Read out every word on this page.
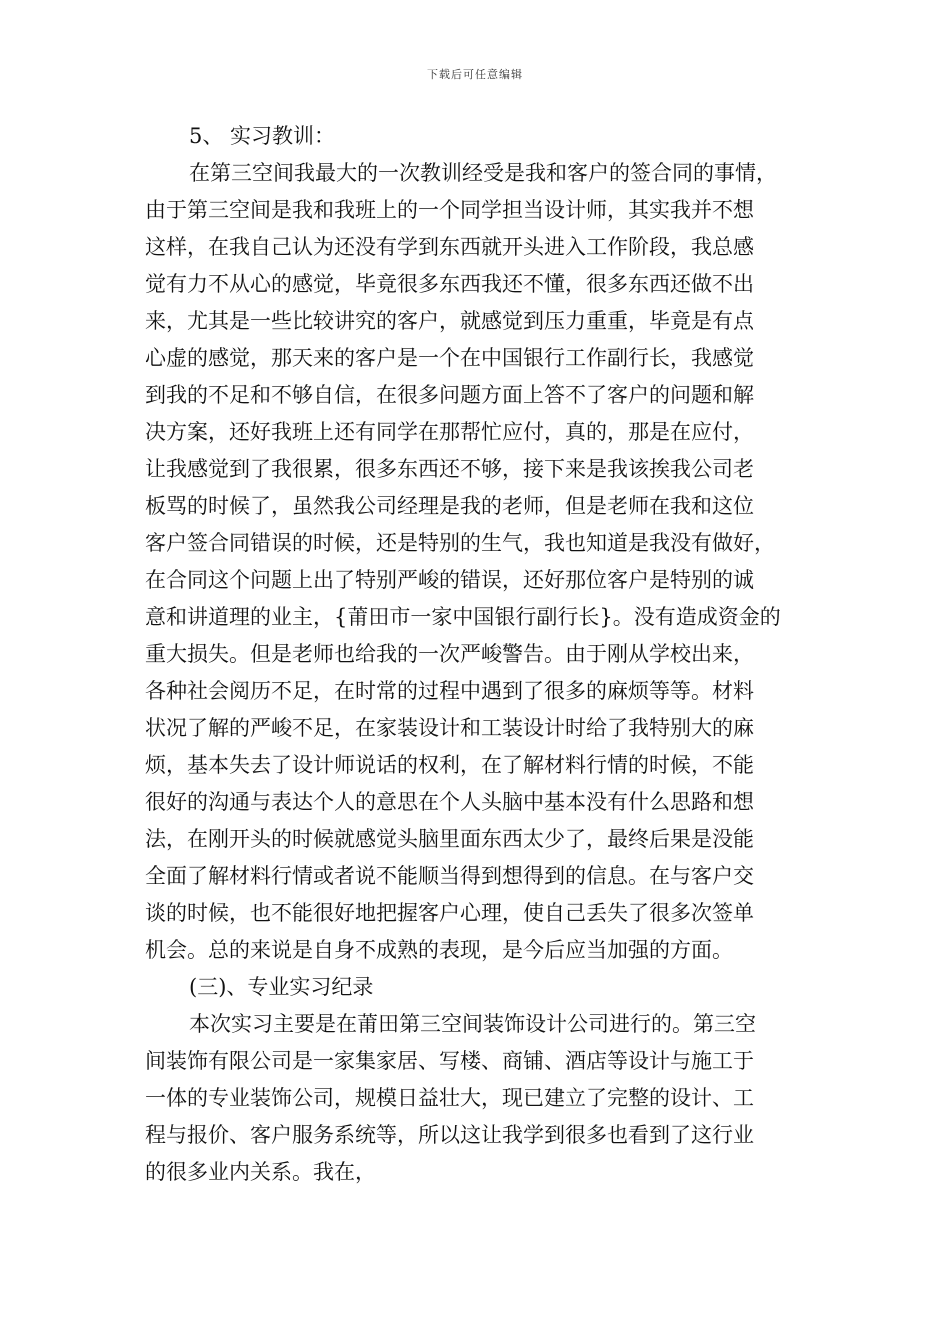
下载后可任意编辑
5、 实习教训：
在第三空间我最大的一次教训经受是我和客户的签合同的事情，
由于第三空间是我和我班上的一个同学担当设计师，其实我并不想
这样，在我自己认为还没有学到东西就开头进入工作阶段，我总感
觉有力不从心的感觉，毕竟很多东西我还不懂，很多东西还做不出
来，尤其是一些比较讲究的客户，就感觉到压力重重，毕竟是有点
心虚的感觉，那天来的客户是一个在中国银行工作副行长，我感觉
到我的不足和不够自信，在很多问题方面上答不了客户的问题和解
决方案，还好我班上还有同学在那帮忙应付，真的，那是在应付，
让我感觉到了我很累，很多东西还不够，接下来是我该挨我公司老
板骂的时候了，虽然我公司经理是我的老师，但是老师在我和这位
客户签合同错误的时候，还是特别的生气，我也知道是我没有做好，
在合同这个问题上出了特别严峻的错误，还好那位客户是特别的诚
意和讲道理的业主，{莆田市一家中国银行副行长}。没有造成资金的
重大损失。但是老师也给我的一次严峻警告。由于刚从学校出来，
各种社会阅历不足，在时常的过程中遇到了很多的麻烦等等。材料
状况了解的严峻不足，在家装设计和工装设计时给了我特别大的麻
烦，基本失去了设计师说话的权利，在了解材料行情的时候，不能
很好的沟通与表达个人的意思在个人头脑中基本没有什么思路和想
法，在刚开头的时候就感觉头脑里面东西太少了，最终后果是没能
全面了解材料行情或者说不能顺当得到想得到的信息。在与客户交
谈的时候，也不能很好地把握客户心理，使自己丢失了很多次签单
机会。总的来说是自身不成熟的表现，是今后应当加强的方面。
(三)、专业实习纪录
本次实习主要是在莆田第三空间装饰设计公司进行的。第三空
间装饰有限公司是一家集家居、写楼、商铺、酒店等设计与施工于
一体的专业装饰公司，规模日益壮大，现已建立了完整的设计、工
程与报价、客户服务系统等，所以这让我学到很多也看到了这行业
的很多业内关系。我在，
